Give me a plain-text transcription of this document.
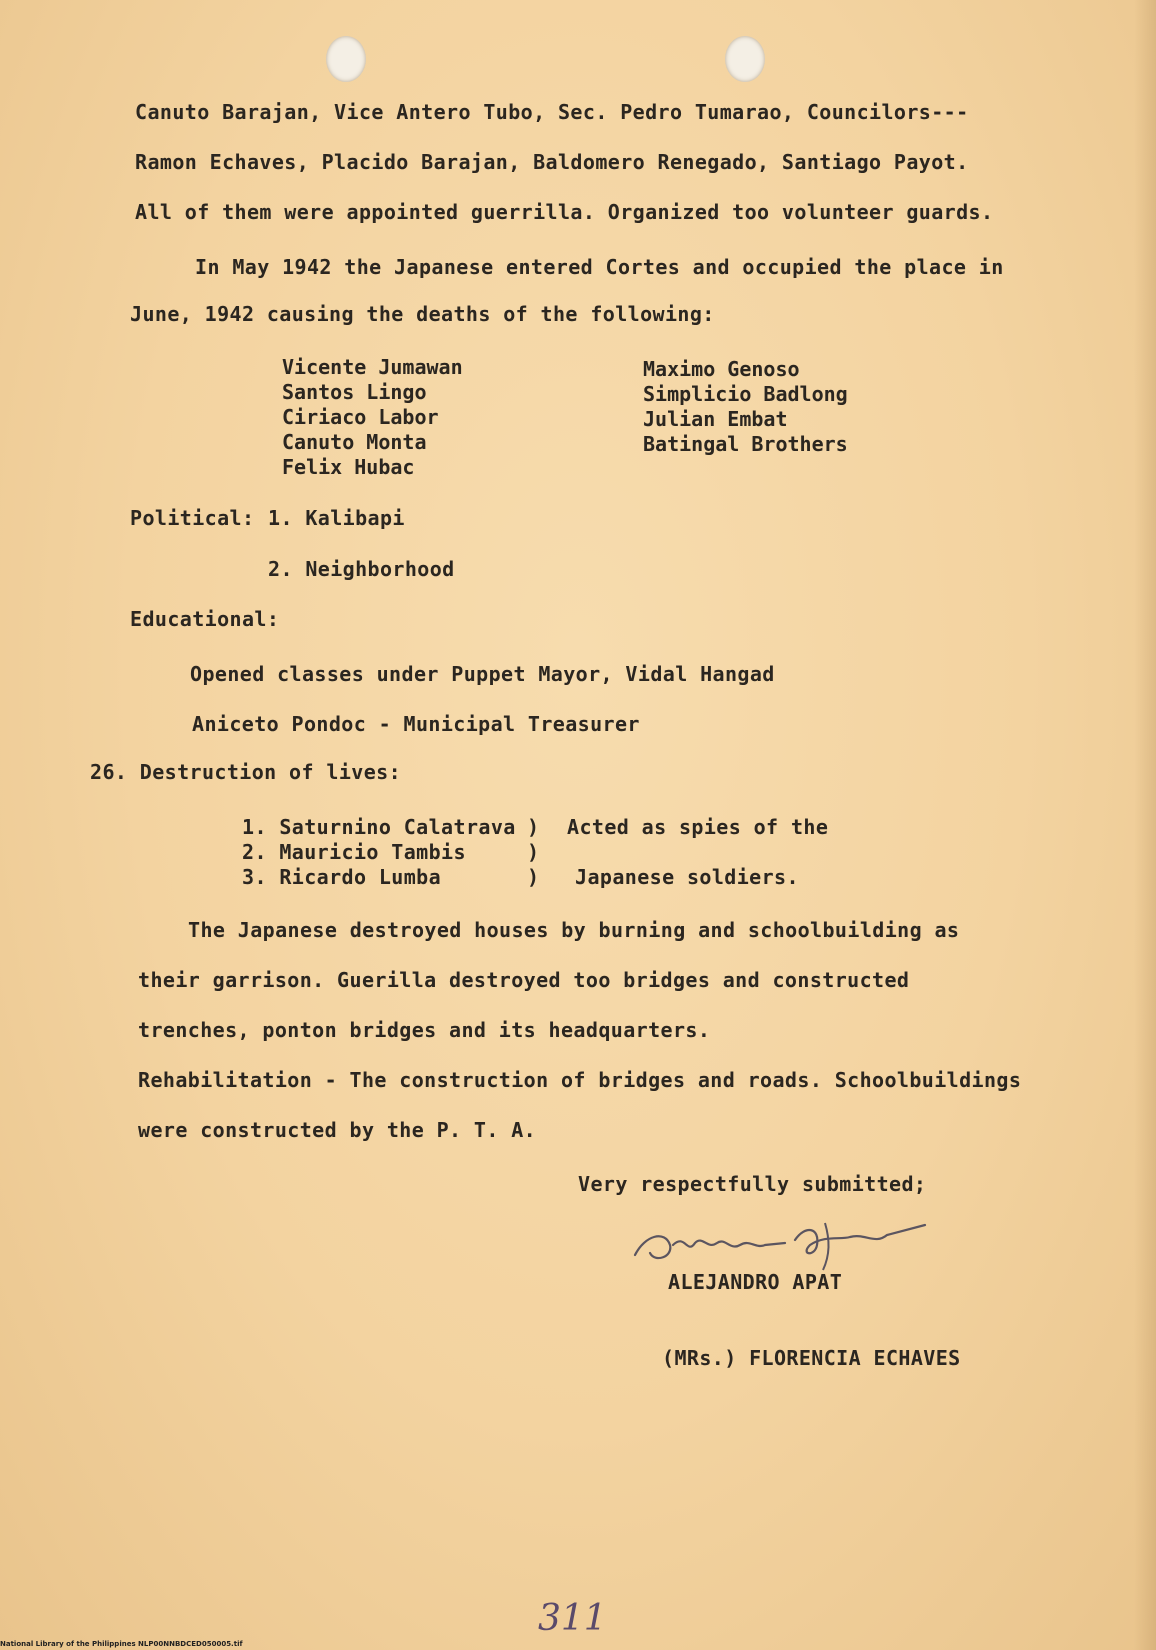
Canuto Barajan, Vice Antero Tubo, Sec. Pedro Tumarao, Councilors---
Ramon Echaves, Placido Barajan, Baldomero Renegado, Santiago Payot.
All of them were appointed guerrilla. Organized too volunteer guards.
In May 1942 the Japanese entered Cortes and occupied the place in
June, 1942 causing the deaths of the following:
Vicente Jumawan
Santos Lingo
Ciriaco Labor
Canuto Monta
Felix Hubac
Maximo Genoso
Simplicio Badlong
Julian Embat
Batingal Brothers
Political: 1. Kalibapi
2. Neighborhood
Educational:
Opened classes under Puppet Mayor, Vidal Hangad
Aniceto Pondoc - Municipal Treasurer
26. Destruction of lives:
1. Saturnino Calatrava ) Acted as spies of the
2. Mauricio Tambis	)
3. Ricardo Lumba	) Japanese soldiers.
The Japanese destroyed houses by burning and schoolbuilding as
their garrison. Guerilla destroyed too bridges and constructed
trenches, ponton bridges and its headquarters.
Rehabilitation - The construction of bridges and roads. Schoolbuildings
were constructed by the P. T. A.
Very respectfully submitted;
ALEJANDRO APAT
(MRs.) FLORENCIA ECHAVES
311
National Library of the Philippines NLP00NNBDCED050005.tif
